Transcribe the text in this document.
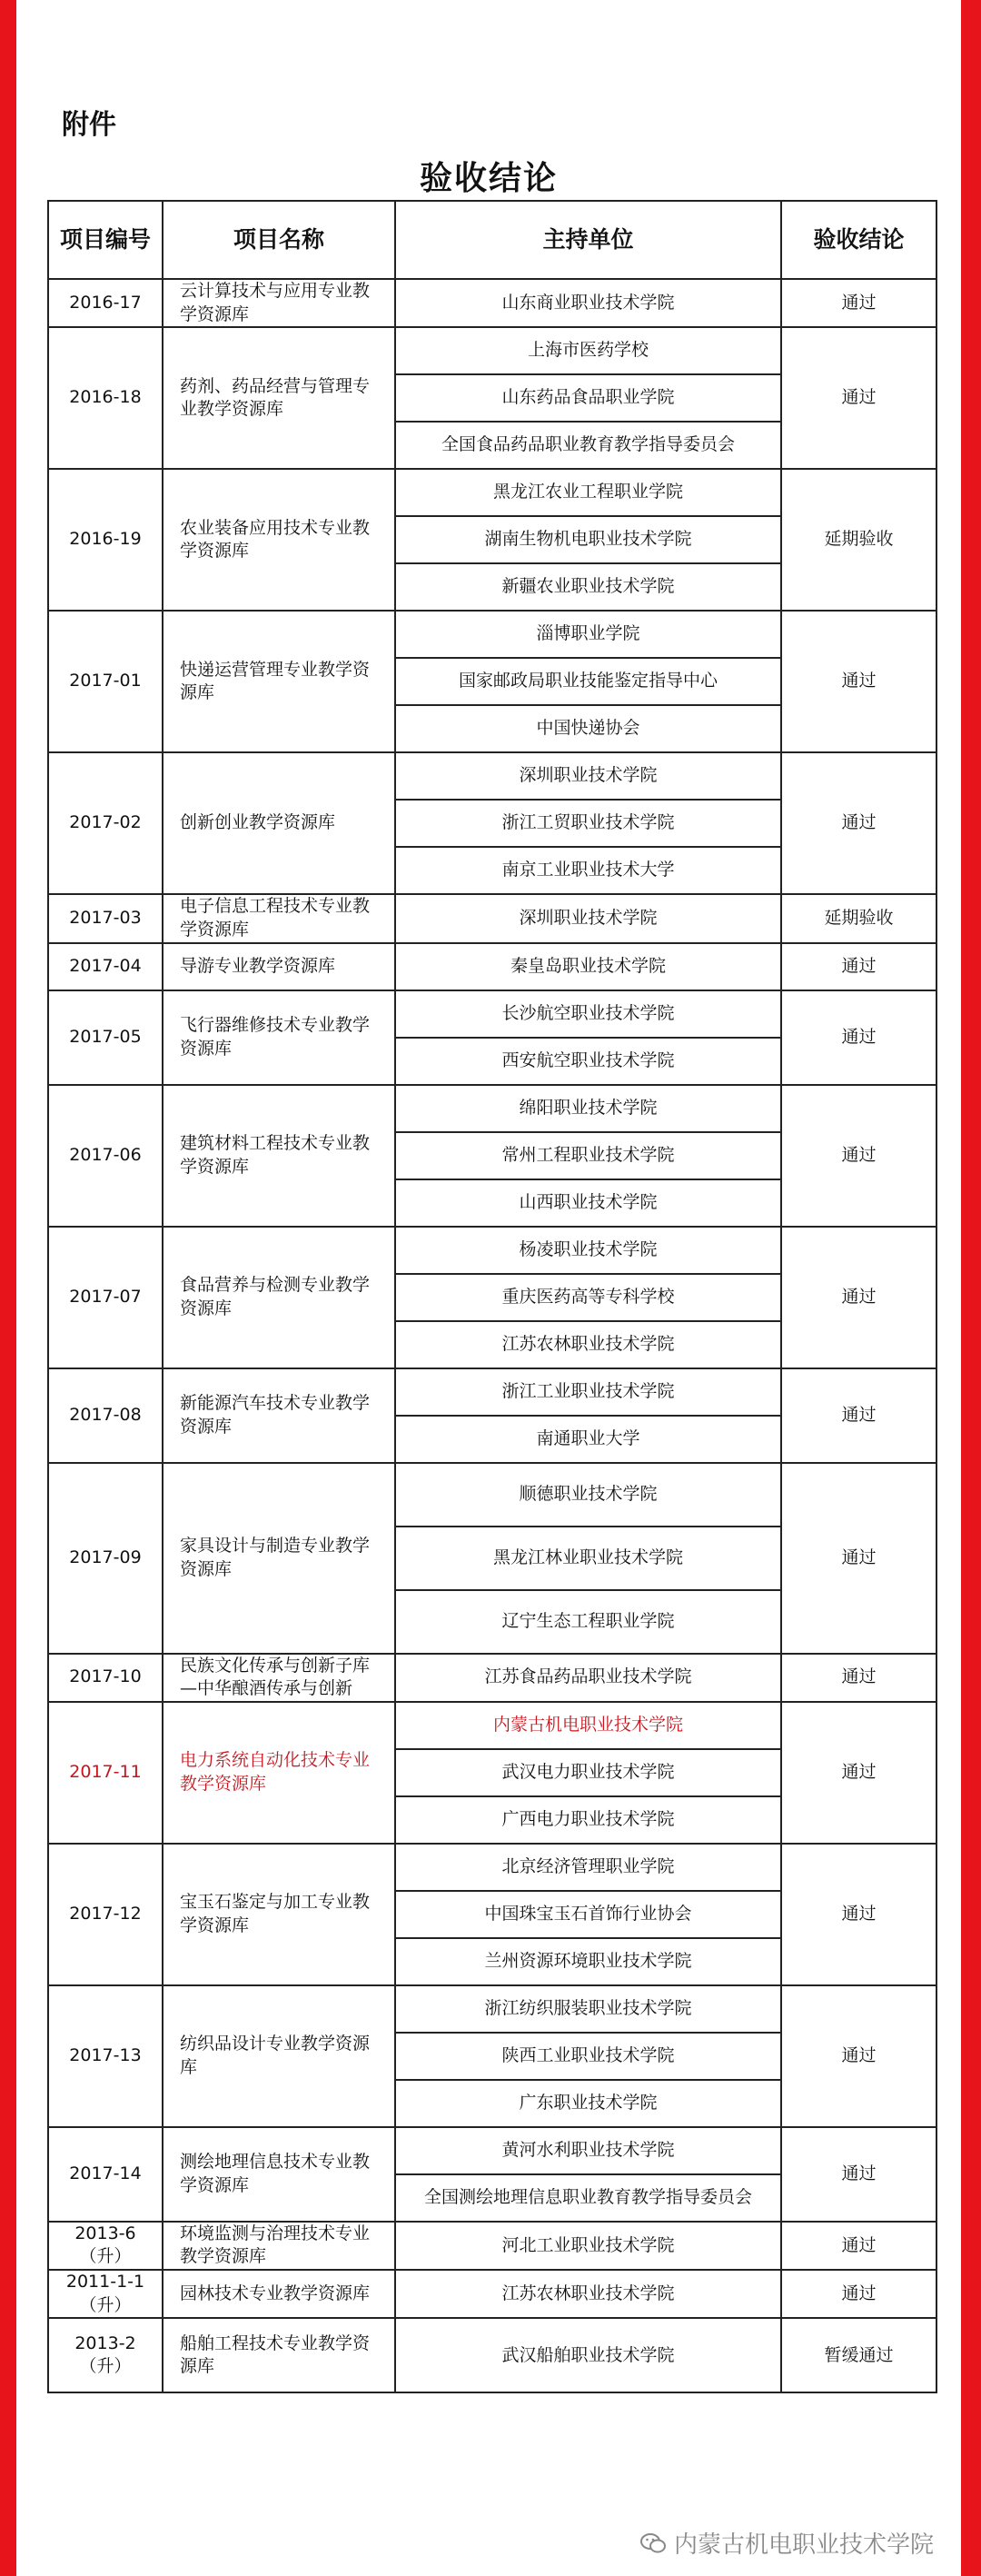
附件
验收结论
项目编号	项目名称	主持单位	验收结论
2016-17	云计算技术与应用专业教学资源库	山东商业职业技术学院	通过
2016-18	药剂、药品经营与管理专业教学资源库	上海市医药学校	通过
		山东药品食品职业学院	
		全国食品药品职业教育教学指导委员会	
2016-19	农业装备应用技术专业教学资源库	黑龙江农业工程职业学院	延期验收
		湖南生物机电职业技术学院	
		新疆农业职业技术学院	
2017-01	快递运营管理专业教学资源库	淄博职业学院	通过
		国家邮政局职业技能鉴定指导中心	
		中国快递协会	
2017-02	创新创业教学资源库	深圳职业技术学院	通过
		浙江工贸职业技术学院	
		南京工业职业技术大学	
2017-03	电子信息工程技术专业教学资源库	深圳职业技术学院	延期验收
2017-04	导游专业教学资源库	秦皇岛职业技术学院	通过
2017-05	飞行器维修技术专业教学资源库	长沙航空职业技术学院	通过
		西安航空职业技术学院	
2017-06	建筑材料工程技术专业教学资源库	绵阳职业技术学院	通过
		常州工程职业技术学院	
		山西职业技术学院	
2017-07	食品营养与检测专业教学资源库	杨凌职业技术学院	通过
		重庆医药高等专科学校	
		江苏农林职业技术学院	
2017-08	新能源汽车技术专业教学资源库	浙江工业职业技术学院	通过
		南通职业大学	
2017-09	家具设计与制造专业教学资源库	顺德职业技术学院	通过
		黑龙江林业职业技术学院	
		辽宁生态工程职业学院	
2017-10	民族文化传承与创新子库—中华酿酒传承与创新	江苏食品药品职业技术学院	通过
2017-11	电力系统自动化技术专业教学资源库	内蒙古机电职业技术学院	通过
		武汉电力职业技术学院	
		广西电力职业技术学院	
2017-12	宝玉石鉴定与加工专业教学资源库	北京经济管理职业学院	通过
		中国珠宝玉石首饰行业协会	
		兰州资源环境职业技术学院	
2017-13	纺织品设计专业教学资源库	浙江纺织服装职业技术学院	通过
		陕西工业职业技术学院	
		广东职业技术学院	
2017-14	测绘地理信息技术专业教学资源库	黄河水利职业技术学院	通过
		全国测绘地理信息职业教育教学指导委员会	
2013-6（升）	环境监测与治理技术专业教学资源库	河北工业职业技术学院	通过
2011-1-1（升）	园林技术专业教学资源库	江苏农林职业技术学院	通过
2013-2（升）	船舶工程技术专业教学资源库	武汉船舶职业技术学院	暂缓通过
内蒙古机电职业技术学院
